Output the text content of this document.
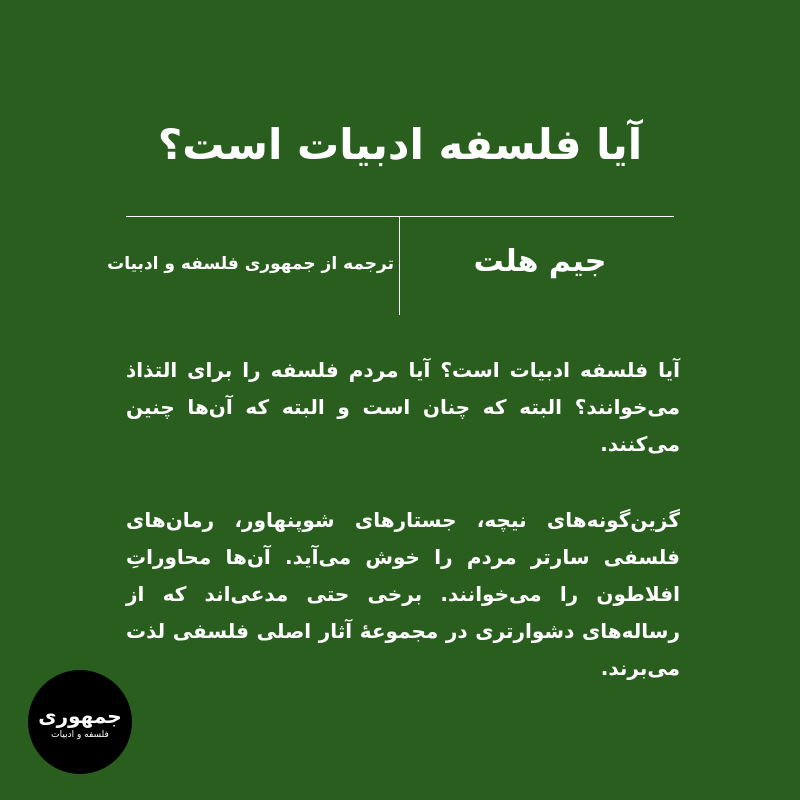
آیا فلسفه ادبیات است؟
جیم هلت
ترجمه از جمهوری فلسفه و ادبیات
آیا فلسفه ادبیات است؟ آیا مردم فلسفه را برای التذاذ می‌خوانند؟ البته که چنان است و البته که آن‌ها چنین می‌کنند.
گزین‌گونه‌های نیچه، جستارهای شوپنهاور، رمان‌های فلسفی سارتر مردم را خوش می‌آید. آن‌ها محاوراتِ افلاطون را می‌خوانند. برخی حتی مدعی‌اند که از رساله‌های دشوارتری در مجموعۀ آثار اصلی فلسفی لذت می‌برند.
جمهوری
فلسفه و ادبیات
